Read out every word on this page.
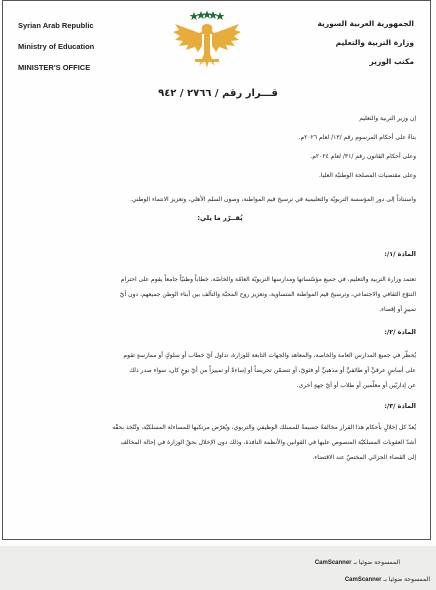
Syrian Arab Republic
Ministry of Education
MINISTER'S OFFICE
الجمهورية العربية السورية
وزارة التربية والتعليم
مكتب الوزير
قـــرار رقم / ٢٧٦٦ / ٩٤٢
إن وزير التربية والتعليم
بناءً على أحكام المرسوم رقم /١٣/ لعام ٢٠٢٦م.
وعلى أحكام القانون رقم /٣١/ لعام ٢٠٢٤م.
وعلى مقتضيات المصلحة الوطنيّة العليا.
واستناداً إلى دور المؤسسة التربويّة والتعليمية في ترسيخ قيم المواطنة، وصون السلم الأهلي، وتعزيز الانتماء الوطني.
يُقــرّر ما يلي:
المادة /١/:
تعتمد وزارة التربية والتعليم، في جميع مؤسّساتها ومدارسها التربويّة العامّة والخاصّة، خطاباً وطنيّاً جامعاً يقوم على احترام
التنوّع الثقافي والاجتماعي، وترسيخ قيم المواطنة المتساوية، وتعزيز روح المحبّة والتآلف بين أبناء الوطن جميعهم، دون أيّ
تمييزٍ أو إقصاء.
المادة /٢/:
يُحظّر في جميع المدارس العامة والخاصة، والمعاهد والجهات التابعة للوزارة، تداول أيّ خطاب أو سلوكٍ أو ممارسةٍ تقوم
على أساسٍ عرقيٍّ أو طائفيٍّ أو مذهبيٍّ أو فئويّ، أو تتضمّن تحريضاً أو إساءةً أو تمييزاً من أيّ نوعٍ كان، سواء صدر ذلك
عن إداريّين أو معلّمين أو طلاب أو أيّ جهةٍ أخرى.
المادة /٣/:
يُعدّ كل إخلالٍ بأحكام هذا القرار مخالفةً جسيمةً للمسلك الوظيفي والتربوي، ويُعرّض مرتكبها للمساءلة المسلكيّة، وتُتّخذ بحقّه
أشدّ العقوبات المسلكيّة المنصوص عليها في القوانين والأنظمة النافذة، وذلك دون الإخلال بحقّ الوزارة في إحالة المخالف
إلى القضاء الجزائي المختصّ عند الاقتضاء.
CamScanner الممسوحة ضوئيا بـ
CamScanner الممسوحة ضوئيا بـ
